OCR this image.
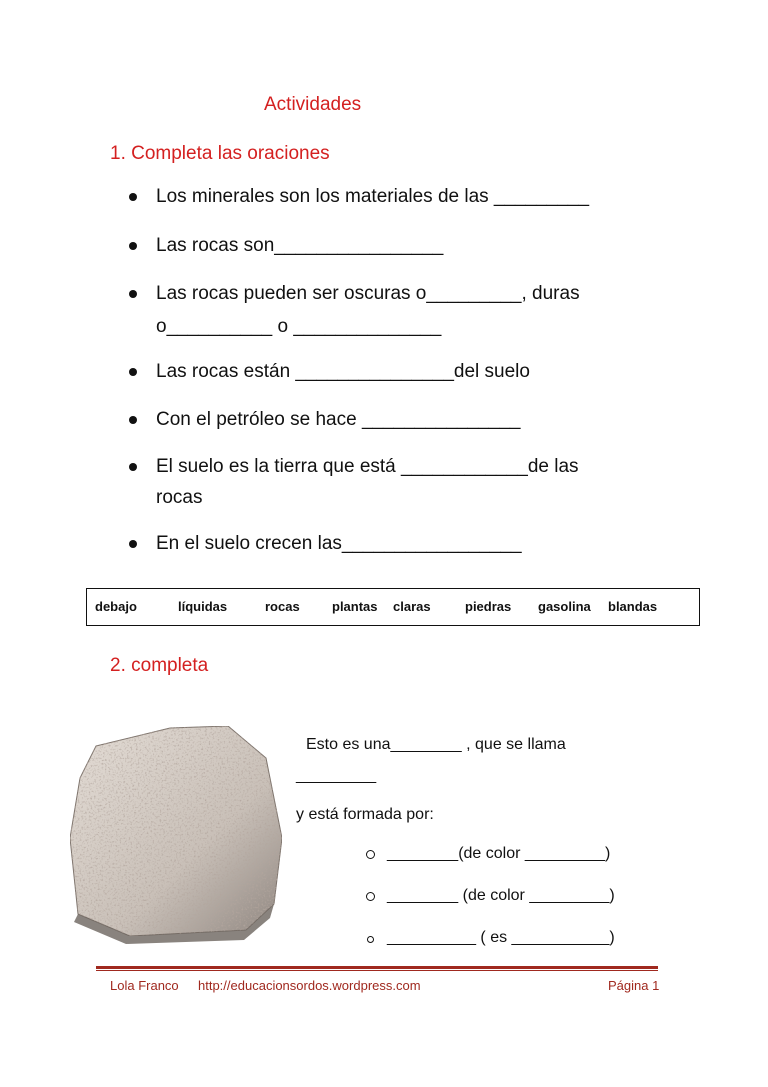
Actividades
1. Completa las oraciones
Los minerales son los materiales de las _________
Las rocas son________________
Las rocas pueden ser oscuras o_________, duras
o__________ o ______________
Las rocas están _______________del suelo
Con el petróleo se hace _______________
El suelo es la tierra que está ____________de las
rocas
En el suelo crecen las_________________
debajo	líquidas	rocas plantas claras	piedras gasolina blandas
2. completa
Esto es una________ , que se llama
_________
y está formada por:
________(de color _________)
________ (de color _________)
__________ ( es ___________)
Lola Franco http://educacionsordos.wordpress.com	Página 1
